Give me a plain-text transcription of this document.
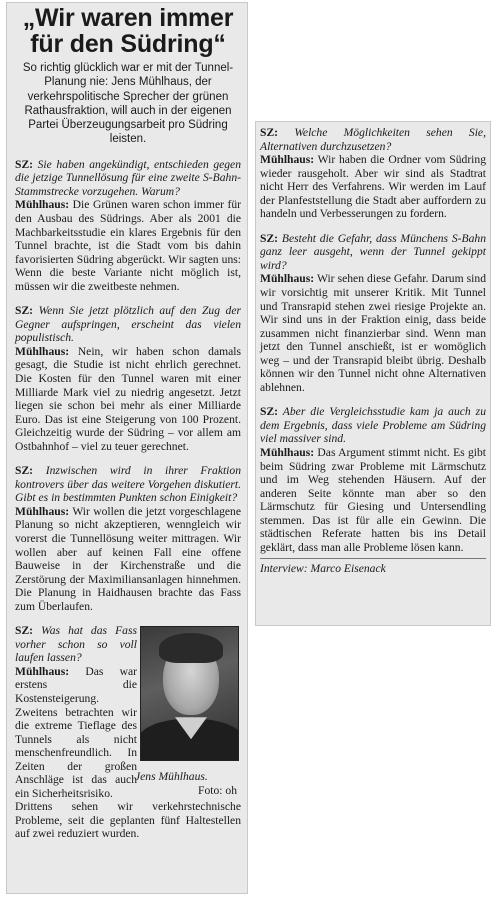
„Wir waren immer
für den Südring“
So richtig glücklich war er mit der Tunnel-Planung nie: Jens Mühlhaus, der verkehrspolitische Sprecher der grünen Rathausfraktion, will auch in der eigenen Partei Überzeugungsarbeit pro Südring leisten.
SZ: Sie haben angekündigt, entschieden gegen die jetzige Tunnellösung für eine zweite S-Bahn-Stammstrecke vorzugehen. Warum?
Mühlhaus: Die Grünen waren schon immer für den Ausbau des Südrings. Aber als 2001 die Machbarkeitsstudie ein klares Ergebnis für den Tunnel brachte, ist die Stadt vom bis dahin favorisierten Südring abgerückt. Wir sagten uns: Wenn die beste Variante nicht möglich ist, müssen wir die zweitbeste nehmen.
SZ: Wenn Sie jetzt plötzlich auf den Zug der Gegner aufspringen, erscheint das vielen populistisch.
Mühlhaus: Nein, wir haben schon damals gesagt, die Studie ist nicht ehrlich gerechnet. Die Kosten für den Tunnel waren mit einer Milliarde Mark viel zu niedrig angesetzt. Jetzt liegen sie schon bei mehr als einer Milliarde Euro. Das ist eine Steigerung von 100 Prozent. Gleichzeitig wurde der Südring – vor allem am Ostbahnhof – viel zu teuer gerechnet.
SZ: Inzwischen wird in ihrer Fraktion kontrovers über das weitere Vorgehen diskutiert. Gibt es in bestimmten Punkten schon Einigkeit?
Mühlhaus: Wir wollen die jetzt vorgeschlagene Planung so nicht akzeptieren, wenngleich wir vorerst die Tunnellösung weiter mittragen. Wir wollen aber auf keinen Fall eine offene Bauweise in der Kirchenstraße und die Zerstörung der Maximiliansanlagen hinnehmen. Die Planung in Haidhausen brachte das Fass zum Überlaufen.
SZ: Was hat das Fass vorher schon so voll laufen lassen?
Mühlhaus: Das war erstens die Kostensteigerung. Zweitens betrachten wir die extreme Tieflage des Tunnels als nicht menschenfreundlich. In Zeiten der großen Anschläge ist das auch ein Sicherheitsrisiko.
Jens Mühlhaus.
Foto: oh
Drittens sehen wir verkehrstechnische Probleme, seit die geplanten fünf Haltestellen auf zwei reduziert wurden.
SZ: Welche Möglichkeiten sehen Sie, Alternativen durchzusetzen?
Mühlhaus: Wir haben die Ordner vom Südring wieder rausgeholt. Aber wir sind als Stadtrat nicht Herr des Verfahrens. Wir werden im Lauf der Planfeststellung die Stadt aber auffordern zu handeln und Verbesserungen zu fordern.
SZ: Besteht die Gefahr, dass Münchens S-Bahn ganz leer ausgeht, wenn der Tunnel gekippt wird?
Mühlhaus: Wir sehen diese Gefahr. Darum sind wir vorsichtig mit unserer Kritik. Mit Tunnel und Transrapid stehen zwei riesige Projekte an. Wir sind uns in der Fraktion einig, dass beide zusammen nicht finanzierbar sind. Wenn man jetzt den Tunnel anschießt, ist er womöglich weg – und der Transrapid bleibt übrig. Deshalb können wir den Tunnel nicht ohne Alternativen ablehnen.
SZ: Aber die Vergleichsstudie kam ja auch zu dem Ergebnis, dass viele Probleme am Südring viel massiver sind.
Mühlhaus: Das Argument stimmt nicht. Es gibt beim Südring zwar Probleme mit Lärmschutz und im Weg stehenden Häusern. Auf der anderen Seite könnte man aber so den Lärmschutz für Giesing und Untersendling stemmen. Das ist für alle ein Gewinn. Die städtischen Referate hatten bis ins Detail geklärt, dass man alle Probleme lösen kann.
Interview: Marco Eisenack
